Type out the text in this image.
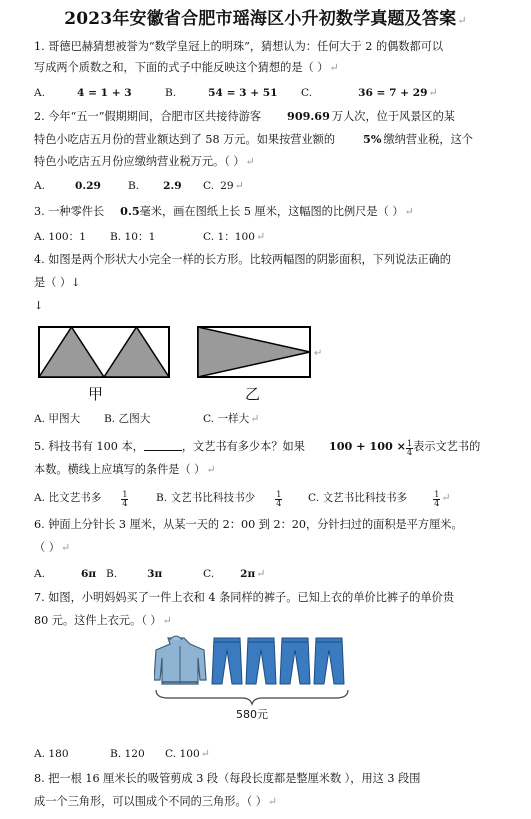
2023年安徽省合肥市瑶海区小升初数学真题及答案↵
1. 哥德巴赫猜想被誉为“数学皇冠上的明珠”，猜想认为：任何大于 2 的偶数都可以
写成两个质数之和，下面的式子中能反映这个猜想的是（ ）↵
A.	4 = 1 + 3	B.	54 = 3 + 51 C.	36 = 7 + 29↵
2. 今年“五一”假期期间，合肥市区共接待游客 909.69 万人次，位于风景区的某
特色小吃店五月份的营业额达到了 58 万元。如果按营业额的	5% 缴纳营业税，这个
特色小吃店五月份应缴纳营业税万元。（ ）↵
A.	0.29	B. 2.9 C. 29↵
3. 一种零件长 0.5毫米，画在图纸上长 5 厘米，这幅图的比例尺是（ ）↵
A. 100：1 B. 10：1	C. 1：100↵
4. 如图是两个形状大小完全一样的长方形。比较两幅图的阴影面积，下列说法正确的
是（ ）↓
↓
↵
甲	乙
A. 甲图大 B. 乙图大	C. 一样大↵
5. 科技书有 100 本，	，文艺书有多少本？如果 $100 + 100 \times \frac{1}{4}$ 表示文艺书的
本数。横线上应填写的条件是（ ）↵
A. 比文艺书多	$\frac{1}{4}$	B. 文艺书比科技书少	$\frac{1}{4} C$. 文艺书比科技书多	$\frac{1}{4}$ ↵
6. 钟面上分针长 3 厘米，从某一天的 2：00 到 2：20，分针扫过的面积是平方厘米。
（ ）↵
A.	6π B.	3π	C. 2π↵
7. 如图，小明妈妈买了一件上衣和 4 条同样的裤子。已知上衣的单价比裤子的单价贵
80 元。这件上衣元。（ ）↵
580元
A. 180	B. 120 C. 100↵
8. 把一根 16 厘米长的吸管剪成 3 段（每段长度都是整厘米数 ），用这 3 段围
成一个三角形，可以围成个不同的三角形。（ ）↵
